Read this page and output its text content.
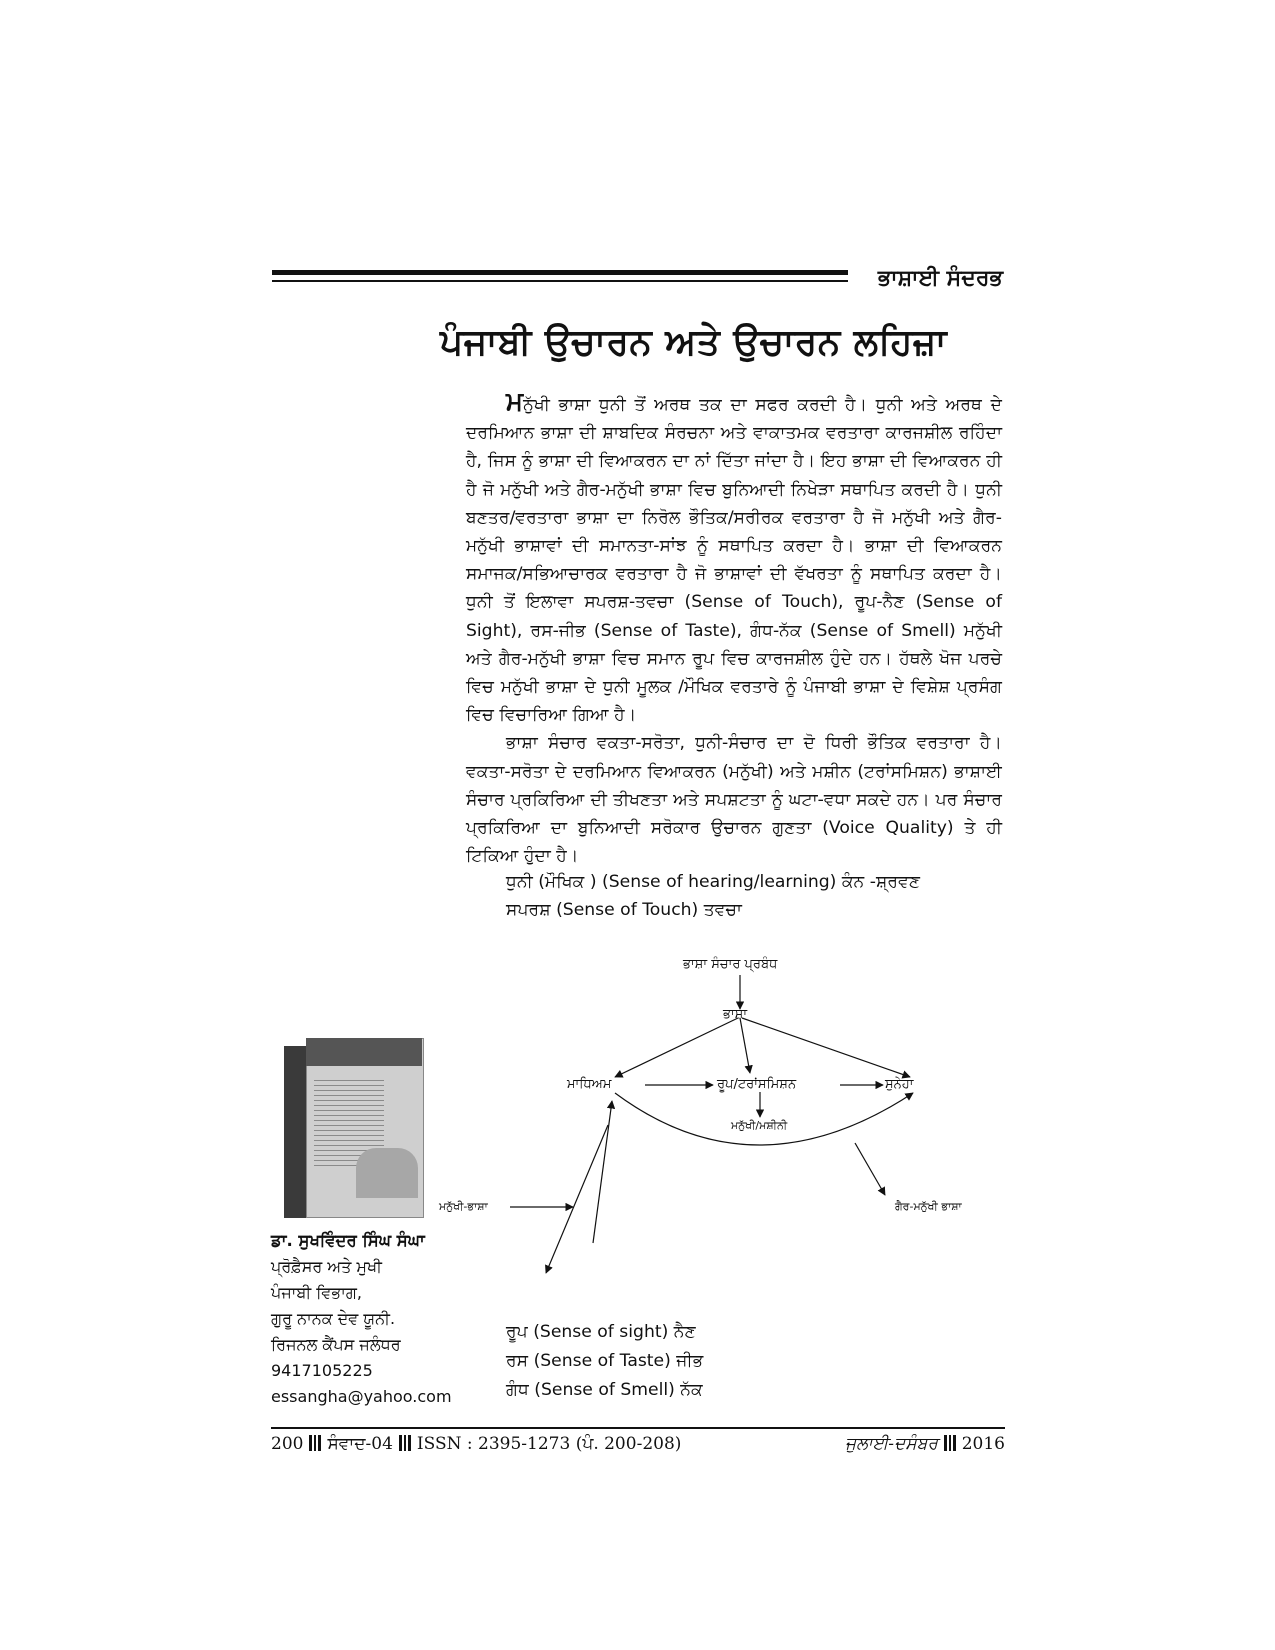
ਭਾਸ਼ਾਈ ਸੰਦਰਭ
ਪੰਜਾਬੀ ਉਚਾਰਨ ਅਤੇ ਉਚਾਰਨ ਲਹਿਜ਼ਾ

ਮਨੁੱਖੀ ਭਾਸ਼ਾ ਧੁਨੀ ਤੋਂ ਅਰਥ ਤਕ ਦਾ ਸਫਰ ਕਰਦੀ ਹੈ। ਧੁਨੀ ਅਤੇ ਅਰਥ ਦੇ ਦਰਮਿਆਨ ਭਾਸ਼ਾ ਦੀ ਸ਼ਾਬਦਿਕ ਸੰਰਚਨਾ ਅਤੇ ਵਾਕਾਤਮਕ ਵਰਤਾਰਾ ਕਾਰਜਸ਼ੀਲ ਰਹਿੰਦਾ ਹੈ, ਜਿਸ ਨੂੰ ਭਾਸ਼ਾ ਦੀ ਵਿਆਕਰਨ ਦਾ ਨਾਂ ਦਿੱਤਾ ਜਾਂਦਾ ਹੈ। ਇਹ ਭਾਸ਼ਾ ਦੀ ਵਿਆਕਰਨ ਹੀ ਹੈ ਜੋ ਮਨੁੱਖੀ ਅਤੇ ਗੈਰ-ਮਨੁੱਖੀ ਭਾਸ਼ਾ ਵਿਚ ਬੁਨਿਆਦੀ ਨਿਖੇੜਾ ਸਥਾਪਿਤ ਕਰਦੀ ਹੈ। ਧੁਨੀ ਬਣਤਰ/ਵਰਤਾਰਾ ਭਾਸ਼ਾ ਦਾ ਨਿਰੋਲ ਭੌਤਿਕ/ਸਰੀਰਕ ਵਰਤਾਰਾ ਹੈ ਜੋ ਮਨੁੱਖੀ ਅਤੇ ਗੈਰ-ਮਨੁੱਖੀ ਭਾਸ਼ਾਵਾਂ ਦੀ ਸਮਾਨਤਾ-ਸਾਂਝ ਨੂੰ ਸਥਾਪਿਤ ਕਰਦਾ ਹੈ। ਭਾਸ਼ਾ ਦੀ ਵਿਆਕਰਨ ਸਮਾਜਕ/ਸਭਿਆਚਾਰਕ ਵਰਤਾਰਾ ਹੈ ਜੋ ਭਾਸ਼ਾਵਾਂ ਦੀ ਵੱਖਰਤਾ ਨੂੰ ਸਥਾਪਿਤ ਕਰਦਾ ਹੈ। ਧੁਨੀ ਤੋਂ ਇਲਾਵਾ ਸਪਰਸ਼-ਤਵਚਾ (Sense of Touch), ਰੂਪ-ਨੈਣ (Sense of Sight), ਰਸ-ਜੀਭ (Sense of Taste), ਗੰਧ-ਨੱਕ (Sense of Smell) ਮਨੁੱਖੀ ਅਤੇ ਗੈਰ-ਮਨੁੱਖੀ ਭਾਸ਼ਾ ਵਿਚ ਸਮਾਨ ਰੂਪ ਵਿਚ ਕਾਰਜਸ਼ੀਲ ਹੁੰਦੇ ਹਨ। ਹੱਥਲੇ ਖੋਜ ਪਰਚੇ ਵਿਚ ਮਨੁੱਖੀ ਭਾਸ਼ਾ ਦੇ ਧੁਨੀ ਮੂਲਕ /ਮੌਖਿਕ ਵਰਤਾਰੇ ਨੂੰ ਪੰਜਾਬੀ ਭਾਸ਼ਾ ਦੇ ਵਿਸ਼ੇਸ਼ ਪ੍ਰਸੰਗ ਵਿਚ ਵਿਚਾਰਿਆ ਗਿਆ ਹੈ।

ਭਾਸ਼ਾ ਸੰਚਾਰ ਵਕਤਾ-ਸਰੋਤਾ, ਧੁਨੀ-ਸੰਚਾਰ ਦਾ ਦੋ ਧਿਰੀ ਭੌਤਿਕ ਵਰਤਾਰਾ ਹੈ। ਵਕਤਾ-ਸਰੋਤਾ ਦੇ ਦਰਮਿਆਨ ਵਿਆਕਰਨ (ਮਨੁੱਖੀ) ਅਤੇ ਮਸ਼ੀਨ (ਟਰਾਂਸਮਿਸ਼ਨ) ਭਾਸ਼ਾਈ ਸੰਚਾਰ ਪ੍ਰਕਿਰਿਆ ਦੀ ਤੀਖਣਤਾ ਅਤੇ ਸਪਸ਼ਟਤਾ ਨੂੰ ਘਟਾ-ਵਧਾ ਸਕਦੇ ਹਨ। ਪਰ ਸੰਚਾਰ ਪ੍ਰਕਿਰਿਆ ਦਾ ਬੁਨਿਆਦੀ ਸਰੋਕਾਰ ਉਚਾਰਨ ਗੁਣਤਾ (Voice Quality) ਤੇ ਹੀ ਟਿਕਿਆ ਹੁੰਦਾ ਹੈ।

ਧੁਨੀ (ਮੌਖਿਕ ) (Sense of hearing/learning) ਕੰਨ -ਸ਼੍ਰਵਣ
ਸਪਰਸ਼ (Sense of Touch) ਤਵਚਾ
ਭਾਸ਼ਾ ਸੰਚਾਰ ਪ੍ਰਬੰਧ
ਭਾਸ਼ਾ
ਮਾਧਿਅਮ	ਰੂਪ/ਟਰਾਂਸਮਿਸ਼ਨ	ਸੁਨੇਹਾ
ਮਨੁੱਖੀ/ਮਸ਼ੀਨੀ
ਮਨੁੱਖੀ-ਭਾਸ਼ਾ	ਗੈਰ-ਮਨੁੱਖੀ ਭਾਸ਼ਾ
ਡਾ. ਸੁਖਵਿੰਦਰ ਸਿੰਘ ਸੰਘਾ
ਪ੍ਰੋਫ਼ੈਸਰ ਅਤੇ ਮੁਖੀ
ਪੰਜਾਬੀ ਵਿਭਾਗ,
ਗੁਰੂ ਨਾਨਕ ਦੇਵ ਯੂਨੀ.
ਰਿਜਨਲ ਕੈਂਪਸ ਜਲੰਧਰ
9417105225
essangha@yahoo.com
ਰੂਪ (Sense of sight) ਨੈਣ
ਰਸ (Sense of Taste) ਜੀਭ
ਗੰਧ (Sense of Smell) ਨੱਕ
200 ਸੰਵਾਦ-04 ISSN : 2395-1273 (ਪੰ. 200-208)	ਜੁਲਾਈ-ਦਸੰਬਰ 2016
